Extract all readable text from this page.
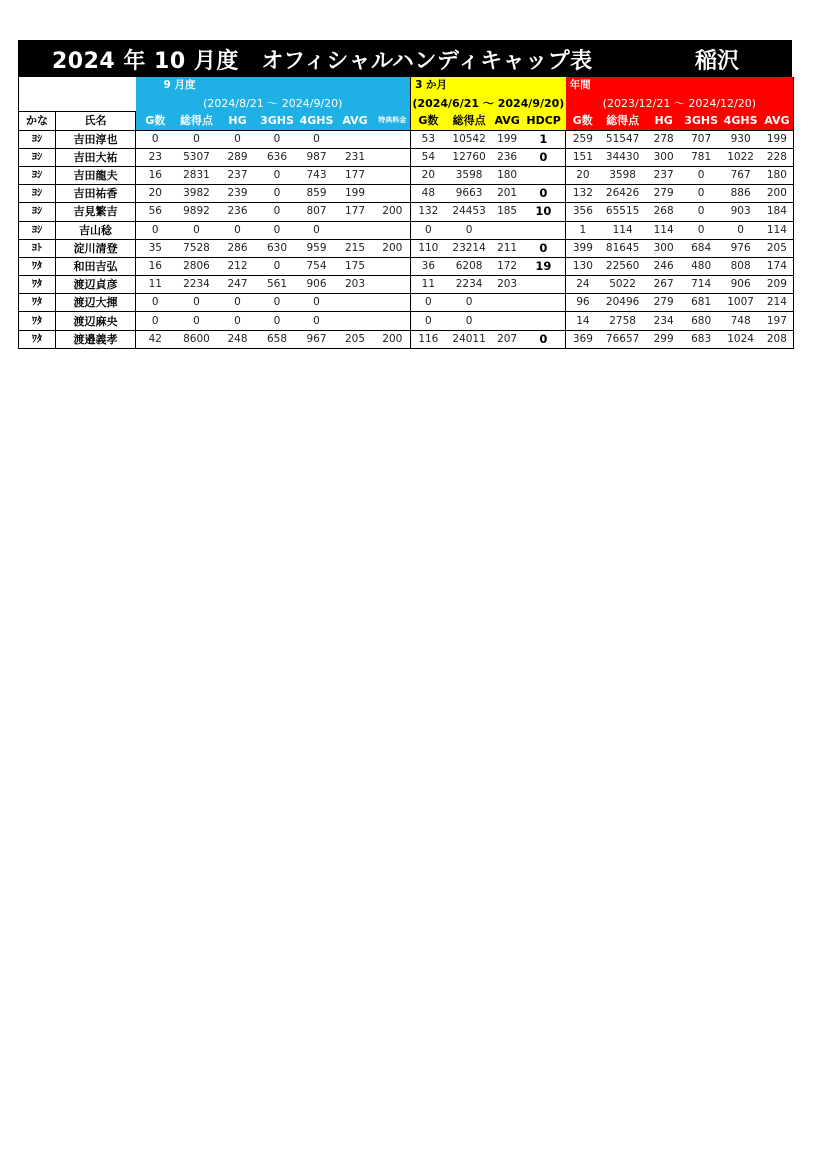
2024 年 10 月度　オフィシャルハンディキャップ表	稲沢
		9 月度							3 か月				年間					
		(2024/8/21 ～ 2024/9/20)							(2024/6/21 ～ 2024/9/20)				(2023/12/21 ～ 2024/12/20)					
かな	氏名	G数	総得点	HG	3GHS	4GHS	AVG	特典料金	G数	総得点	AVG	HDCP	G数	総得点	HG	3GHS	4GHS	AVG
ﾖｼ	吉田淳也	0	0	0	0	0			53	10542	199	1	259	51547	278	707	930	199
ﾖｼ	吉田大祐	23	5307	289	636	987	231		54	12760	236	0	151	34430	300	781	1022	228
ﾖｼ	吉田龍夫	16	2831	237	0	743	177		20	3598	180		20	3598	237	0	767	180
ﾖｼ	吉田祐香	20	3982	239	0	859	199		48	9663	201	0	132	26426	279	0	886	200
ﾖｼ	吉見繁吉	56	9892	236	0	807	177	200	132	24453	185	10	356	65515	268	0	903	184
ﾖｼ	吉山稔	0	0	0	0	0			0	0			1	114	114	0	0	114
ﾖﾄ	淀川清登	35	7528	286	630	959	215	200	110	23214	211	0	399	81645	300	684	976	205
ﾜﾀ	和田吉弘	16	2806	212	0	754	175		36	6208	172	19	130	22560	246	480	808	174
ﾜﾀ	渡辺貞彦	11	2234	247	561	906	203		11	2234	203		24	5022	267	714	906	209
ﾜﾀ	渡辺大揮	0	0	0	0	0			0	0			96	20496	279	681	1007	214
ﾜﾀ	渡辺麻央	0	0	0	0	0			0	0			14	2758	234	680	748	197
ﾜﾀ	渡邉義孝	42	8600	248	658	967	205	200	116	24011	207	0	369	76657	299	683	1024	208
